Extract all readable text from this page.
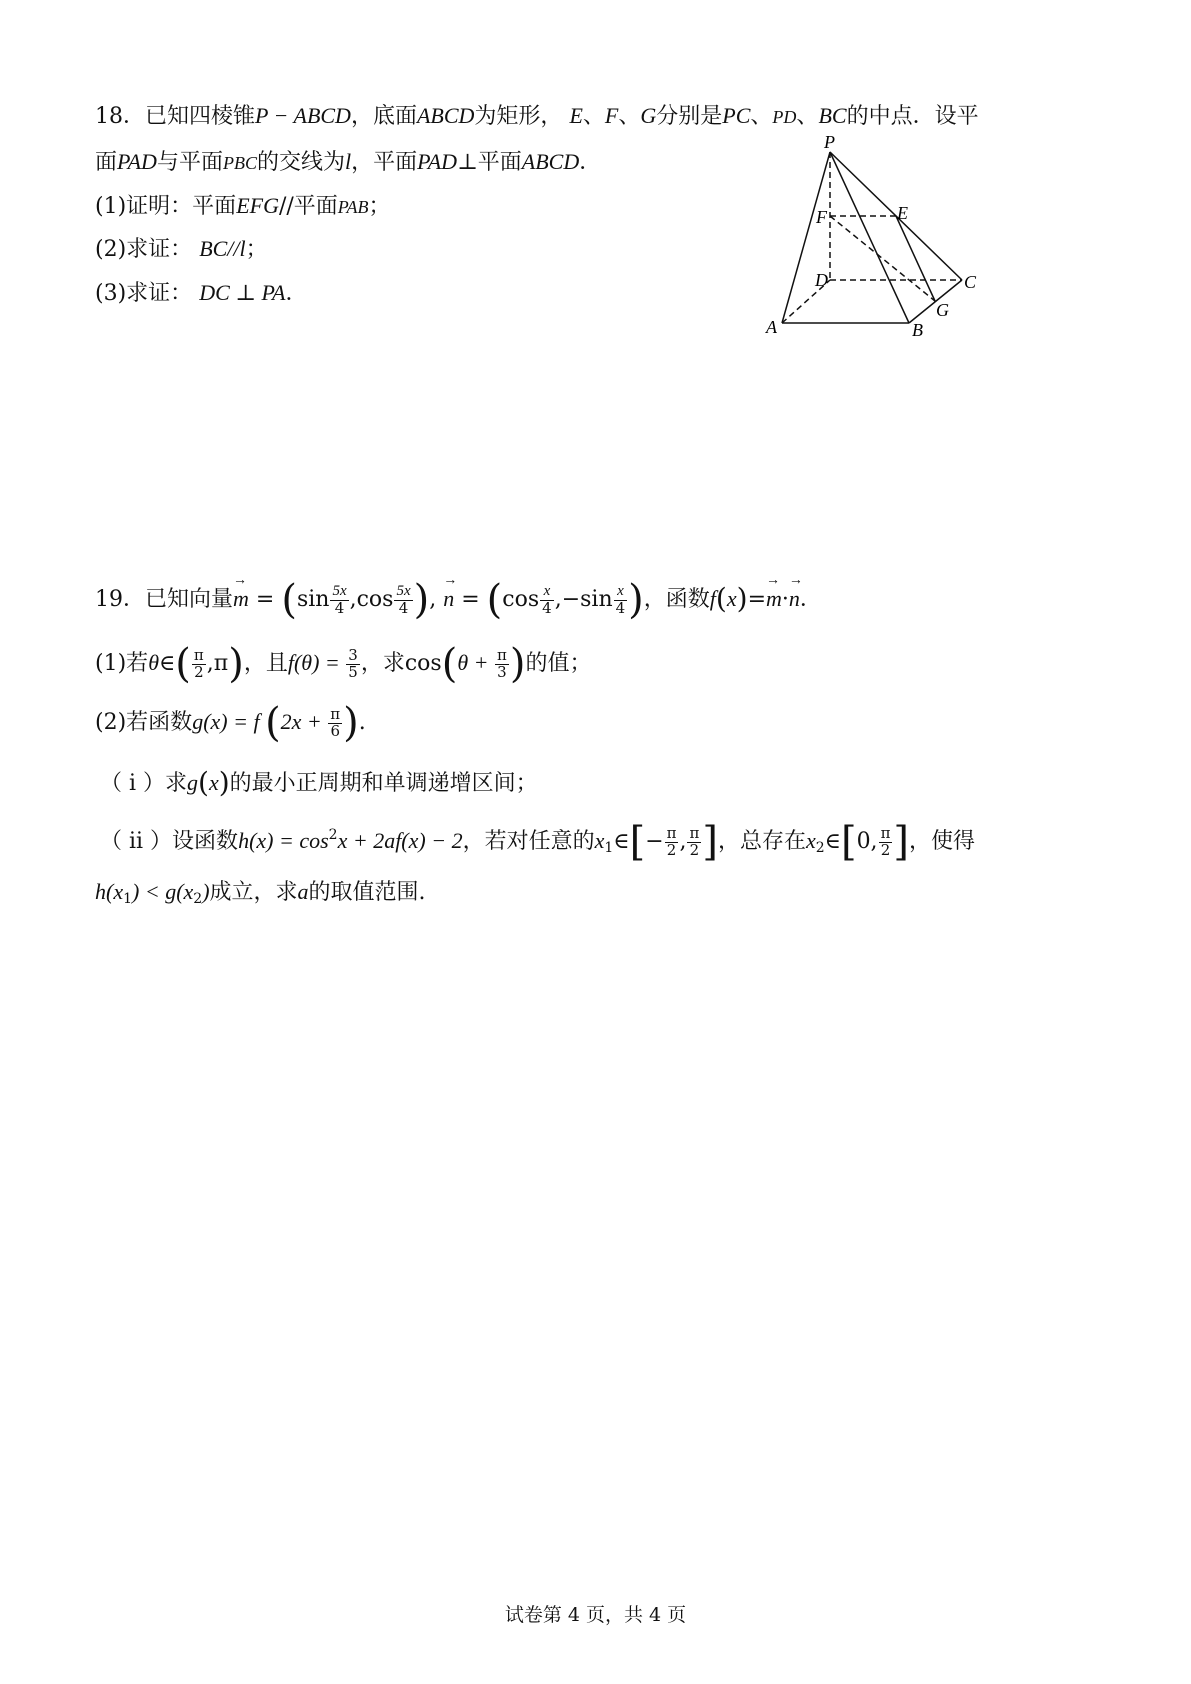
18．已知四棱锥P − ABCD，底面ABCD为矩形， E、F、G分别是PC、PD、BC的中点．设平
面PAD与平面PBC的交线为l，平面PAD⊥平面ABCD．
(1)证明：平面EFG//平面PAB；
(2)求证： BC//l；
(3)求证： DC ⊥ PA．
P
F	E
D	C
G
A	B
19．已知向量→ $m = (\sin \frac{5x}{4} ,\cos \frac{5x}{4}$ ), → $n = (\cos \frac{x}{4} ,-\sin \frac{x}{4}$ )，函数f(x)=→ m·→ n．
(1)若θ∈( $\frac{\pi}{2} ,\pi$)，且$f(\theta) = \frac{3}{5}$ ，求$\cos(\theta + \frac{\pi}{3}$ )的值；
(2)若函数g(x) = f ($2x + \frac{\pi}{6}$ ).
（ i ）求g(x)的最小正周期和单调递增区间；
（ ii ）设函数$h(x) = \cos^2x + 2af(x) - 2$，若对任意的$x_1\in[- \frac{\pi}{2}$ , $\frac{\pi}{2}$ ]，总存在$x_2\in[0$, $\frac{\pi}{2}$ ]，使得
$h(x_1) < g(x_2)$成立，求a的取值范围.
试卷第 4 页，共 4 页
